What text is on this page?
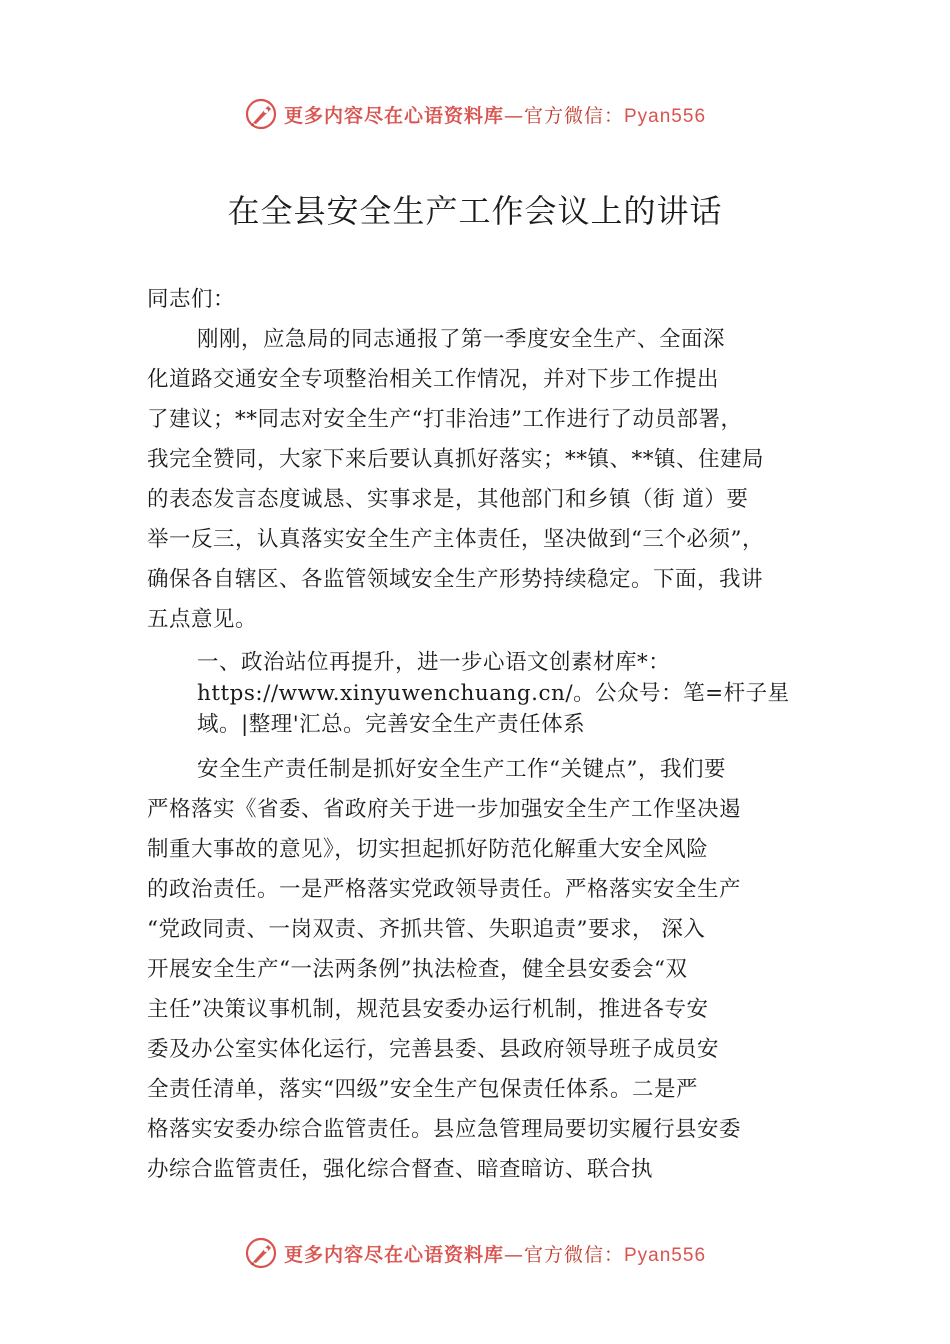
更多内容尽在心语资料库—官方微信：Pyan556
在全县安全生产工作会议上的讲话
同志们：
刚刚，应急局的同志通报了第一季度安全生产、全面深
化道路交通安全专项整治相关工作情况，并对下步工作提出
了建议；**同志对安全生产“打非治违”工作进行了动员部署，
我完全赞同，大家下来后要认真抓好落实；**镇、**镇、住建局
的表态发言态度诚恳、实事求是，其他部门和乡镇（街 道）要
举一反三，认真落实安全生产主体责任，坚决做到“三个必须”，
确保各自辖区、各监管领域安全生产形势持续稳定。下面，我讲
五点意见。
一、政治站位再提升，进一步心语文创素材库*：
https://www.xinyuwenchuang.cn/。公众号：笔=杆子星
域。|整理'汇总。完善安全生产责任体系
安全生产责任制是抓好安全生产工作“关键点”，我们要
严格落实《省委、省政府关于进一步加强安全生产工作坚决遏
制重大事故的意见》，切实担起抓好防范化解重大安全风险
的政治责任。一是严格落实党政领导责任。严格落实安全生产
“党政同责、一岗双责、齐抓共管、失职追责”要求， 深入
开展安全生产“一法两条例”执法检查，健全县安委会“双
主任”决策议事机制，规范县安委办运行机制，推进各专安
委及办公室实体化运行，完善县委、县政府领导班子成员安
全责任清单，落实“四级”安全生产包保责任体系。二是严
格落实安委办综合监管责任。县应急管理局要切实履行县安委
办综合监管责任，强化综合督查、暗查暗访、联合执
更多内容尽在心语资料库—官方微信：Pyan556
